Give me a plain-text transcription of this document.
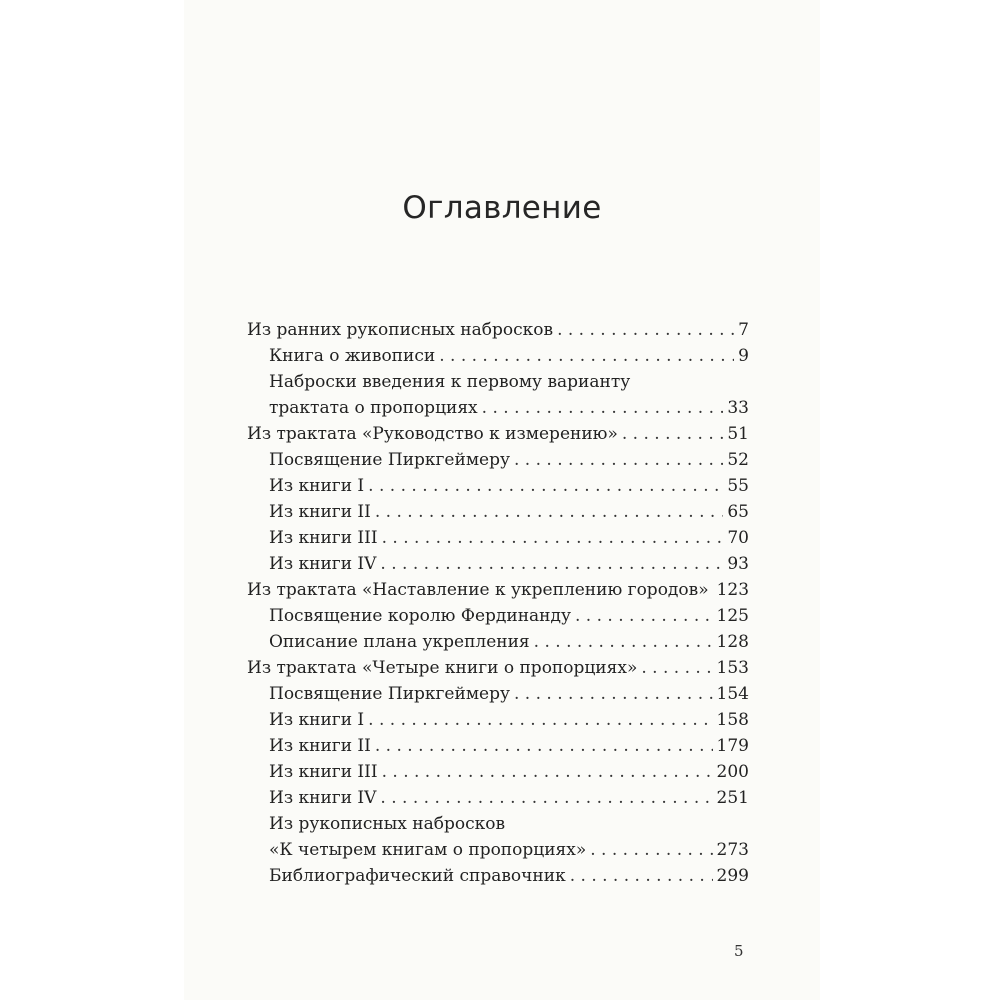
Оглавление
Из ранних рукописных набросков . . .	7
Книга о живописи . . .	9
Наброски введения к первому варианту
трактата о пропорциях . . .	33
Из трактата «Руководство к измерению» . . .	51
Посвящение Пиркгеймеру . . .	52
Из книги I . . .	55
Из книги II . . .	65
Из книги III . . .	70
Из книги IV . . .	93
Из трактата «Наставление к укреплению городов» 123
Посвящение королю Фердинанду . . .	125
Описание плана укрепления . . .	128
Из трактата «Четыре книги о пропорциях» . . .	153
Посвящение Пиркгеймеру . . .	154
Из книги I . . .	158
Из книги II . . .	179
Из книги III . . .	200
Из книги IV . . .	251
Из рукописных набросков
«К четырем книгам о пропорциях» . . .	273
Библиографический справочник . . .	299
5
